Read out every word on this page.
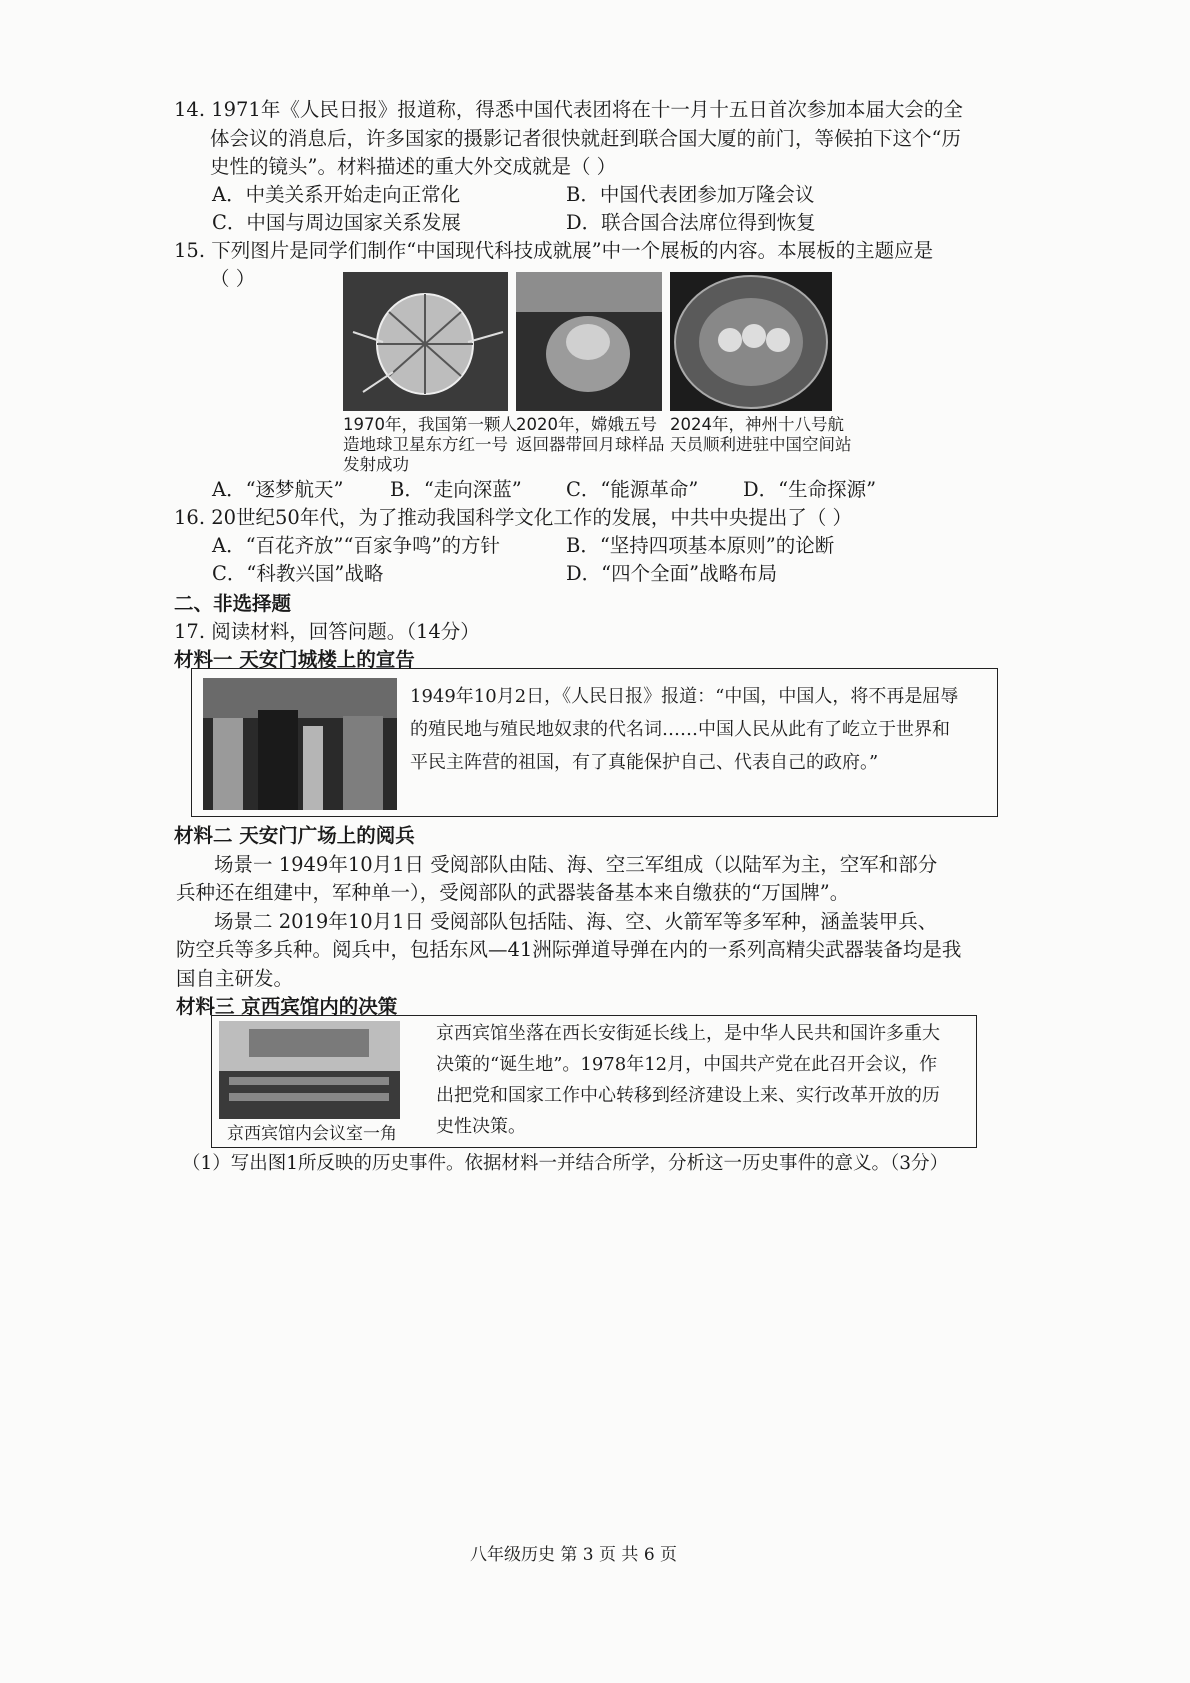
14. 1971年《人民日报》报道称，得悉中国代表团将在十一月十五日首次参加本届大会的全
体会议的消息后，许多国家的摄影记者很快就赶到联合国大厦的前门，等候拍下这个“历
史性的镜头”。材料描述的重大外交成就是（ ）
A．中美关系开始走向正常化	B．中国代表团参加万隆会议
C．中国与周边国家关系发展	D．联合国合法席位得到恢复
15. 下列图片是同学们制作“中国现代科技成就展”中一个展板的内容。本展板的主题应是
（ ）
1970年，我国第一颗人
造地球卫星东方红一号
发射成功
2020年，嫦娥五号
返回器带回月球样品
2024年，神州十八号航
天员顺利进驻中国空间站
A．“逐梦航天” B．“走向深蓝” C．“能源革命” D．“生命探源”
16. 20世纪50年代，为了推动我国科学文化工作的发展，中共中央提出了（ ）
A．“百花齐放”“百家争鸣”的方针	B．“坚持四项基本原则”的论断
C．“科教兴国”战略	D．“四个全面”战略布局
二、非选择题
17. 阅读材料，回答问题。（14分）
材料一 天安门城楼上的宣告
1949年10月2日，《人民日报》报道：“中国，中国人，将不再是屈辱
的殖民地与殖民地奴隶的代名词……中国人民从此有了屹立于世界和
平民主阵营的祖国，有了真能保护自己、代表自己的政府。”
材料二 天安门广场上的阅兵
场景一 1949年10月1日 受阅部队由陆、海、空三军组成（以陆军为主，空军和部分
兵种还在组建中，军种单一），受阅部队的武器装备基本来自缴获的“万国牌”。
场景二 2019年10月1日 受阅部队包括陆、海、空、火箭军等多军种，涵盖装甲兵、
防空兵等多兵种。阅兵中，包括东风—41洲际弹道导弹在内的一系列高精尖武器装备均是我
国自主研发。
材料三 京西宾馆内的决策
京西宾馆内会议室一角
京西宾馆坐落在西长安街延长线上，是中华人民共和国许多重大
决策的“诞生地”。1978年12月，中国共产党在此召开会议，作
出把党和国家工作中心转移到经济建设上来、实行改革开放的历
史性决策。
（1）写出图1所反映的历史事件。依据材料一并结合所学，分析这一历史事件的意义。（3分）
八年级历史 第 3 页 共 6 页
